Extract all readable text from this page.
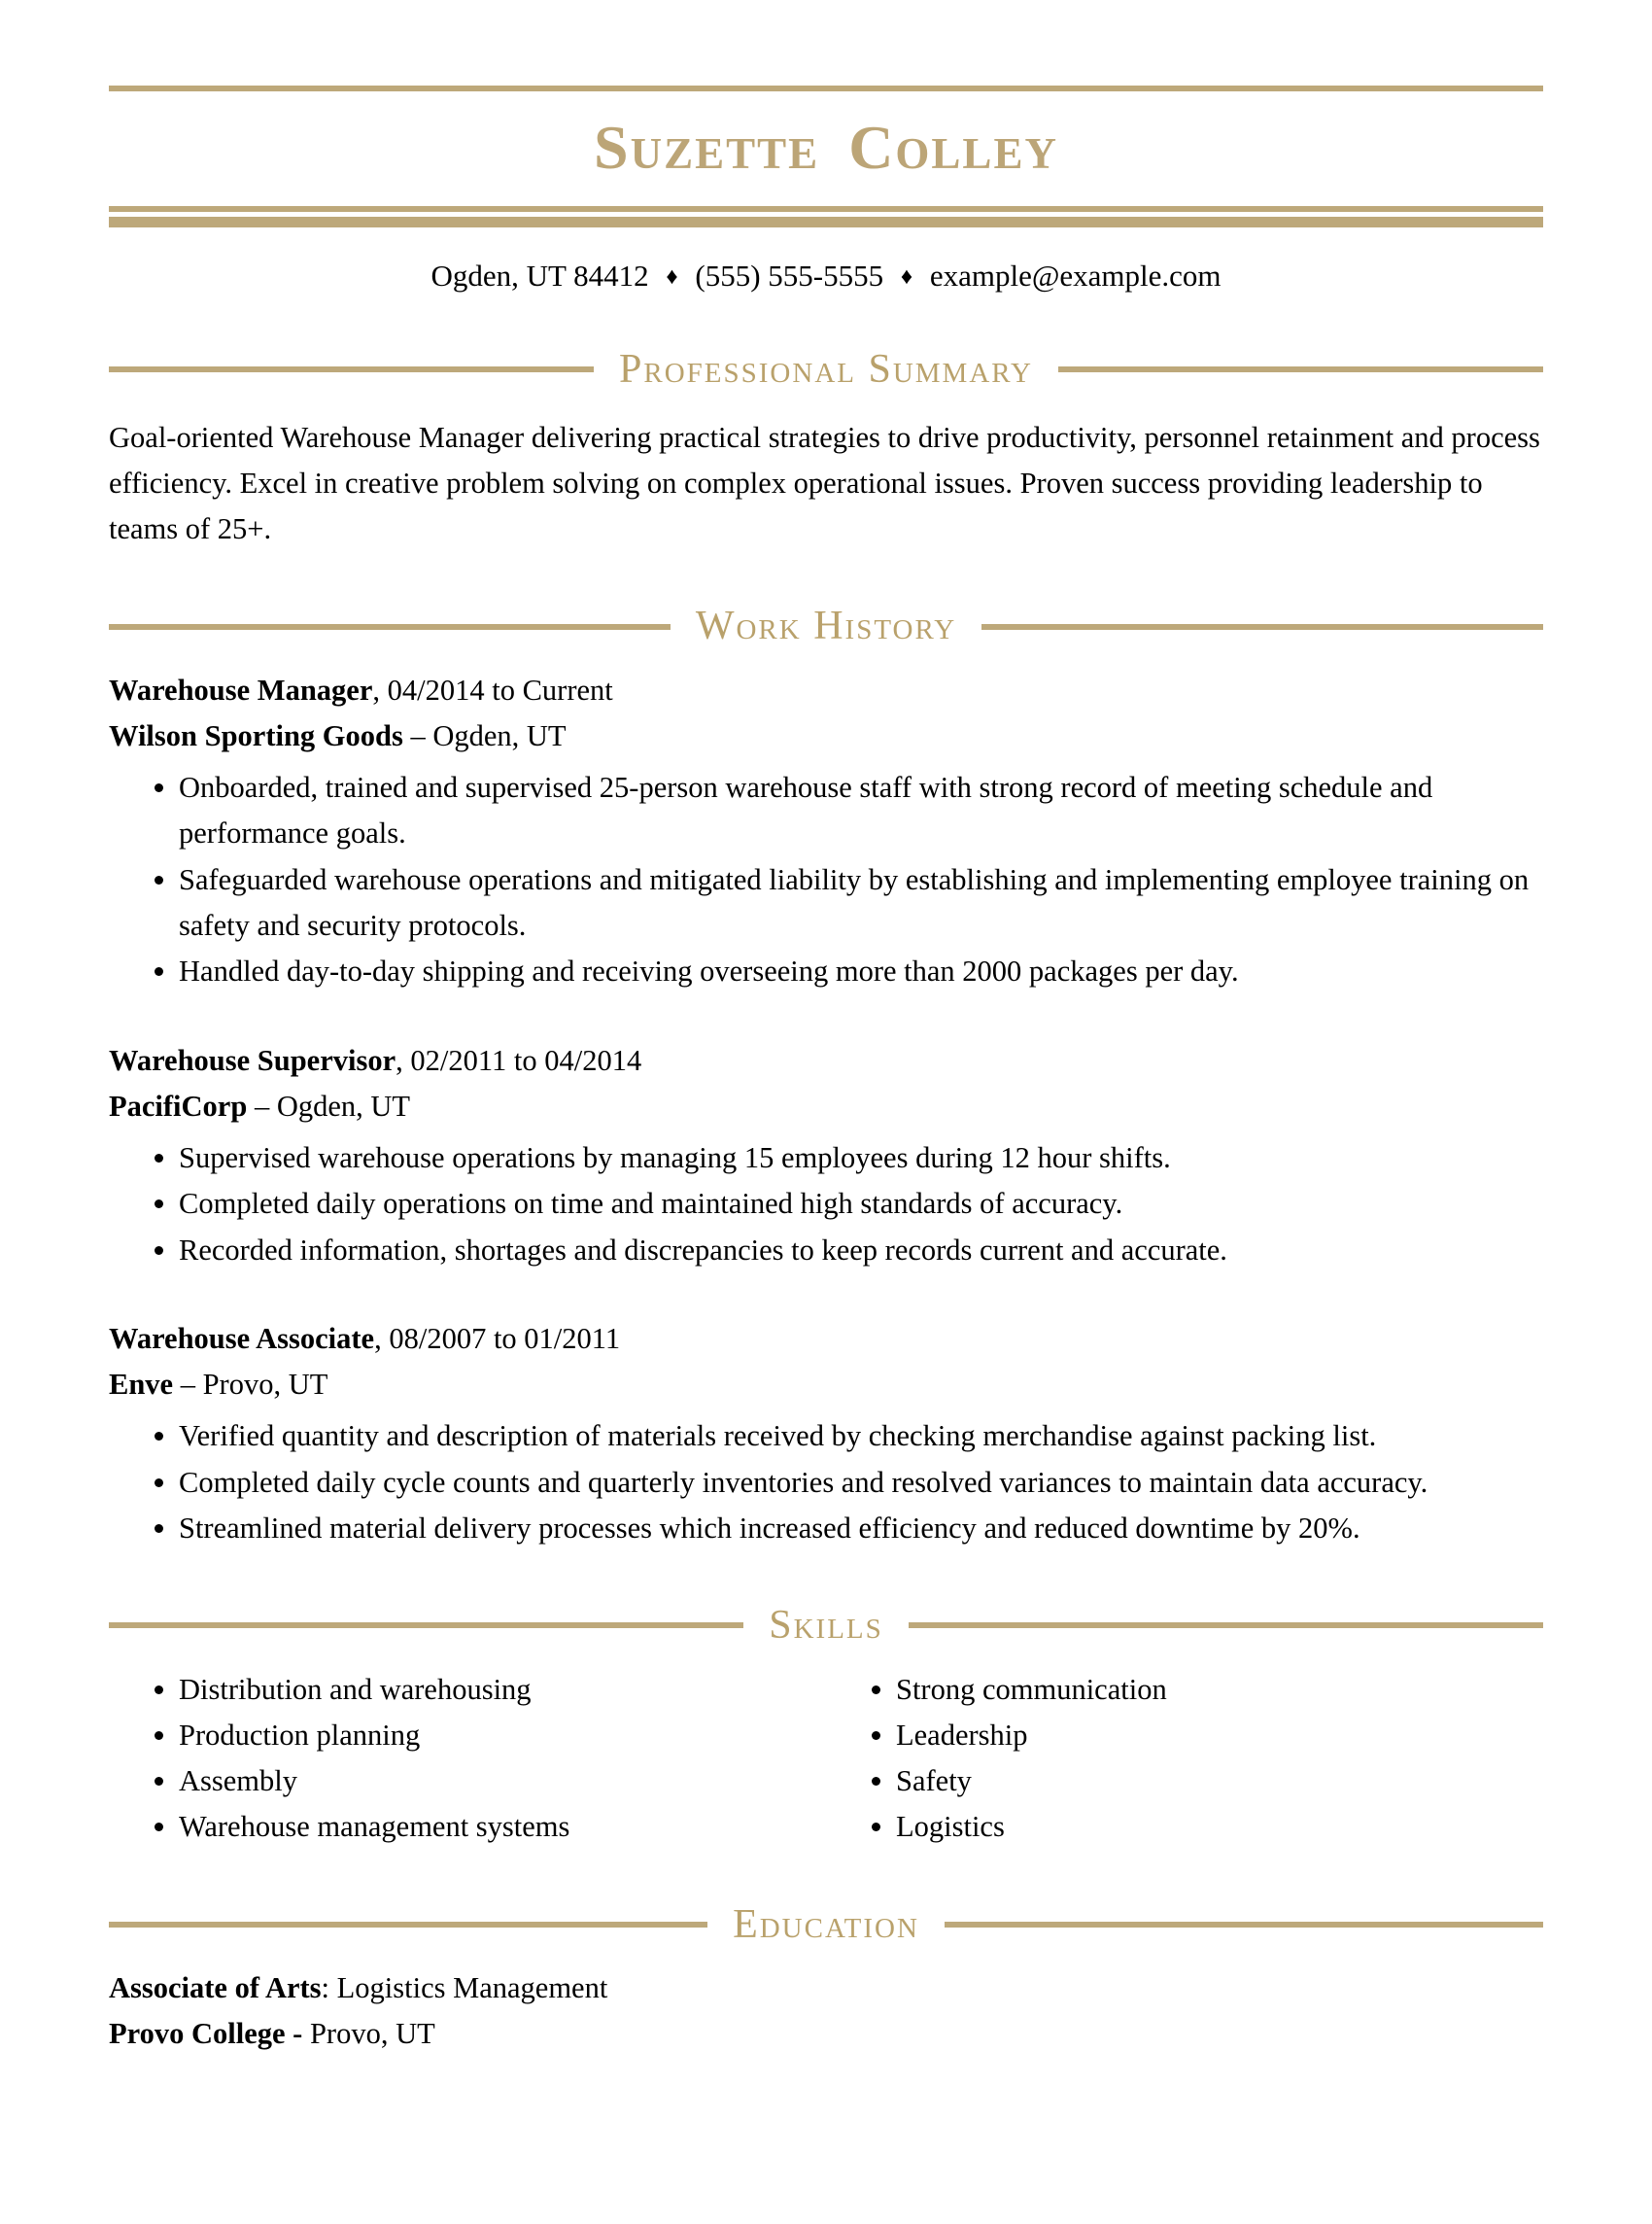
Suzette Colley
Ogden, UT 84412 ♦ (555) 555-5555 ♦ example@example.com
Professional Summary

Goal-oriented Warehouse Manager delivering practical strategies to drive productivity, personnel retainment and process efficiency. Excel in creative problem solving on complex operational issues. Proven success providing leadership to teams of 25+.

Work History
Warehouse Manager, 04/2014 to Current
Wilson Sporting Goods – Ogden, UT
• Onboarded, trained and supervised 25-person warehouse staff with strong record of meeting schedule and performance goals.
• Safeguarded warehouse operations and mitigated liability by establishing and implementing employee training on safety and security protocols.
• Handled day-to-day shipping and receiving overseeing more than 2000 packages per day.
Warehouse Supervisor, 02/2011 to 04/2014
PacifiCorp – Ogden, UT
• Supervised warehouse operations by managing 15 employees during 12 hour shifts.
• Completed daily operations on time and maintained high standards of accuracy.
• Recorded information, shortages and discrepancies to keep records current and accurate.
Warehouse Associate, 08/2007 to 01/2011
Enve – Provo, UT
• Verified quantity and description of materials received by checking merchandise against packing list.
• Completed daily cycle counts and quarterly inventories and resolved variances to maintain data accuracy.
• Streamlined material delivery processes which increased efficiency and reduced downtime by 20%.
Skills
• Distribution and warehousing
• Production planning
• Assembly
• Warehouse management systems
• Strong communication
• Leadership
• Safety
• Logistics
Education
Associate of Arts: Logistics Management
Provo College - Provo, UT
